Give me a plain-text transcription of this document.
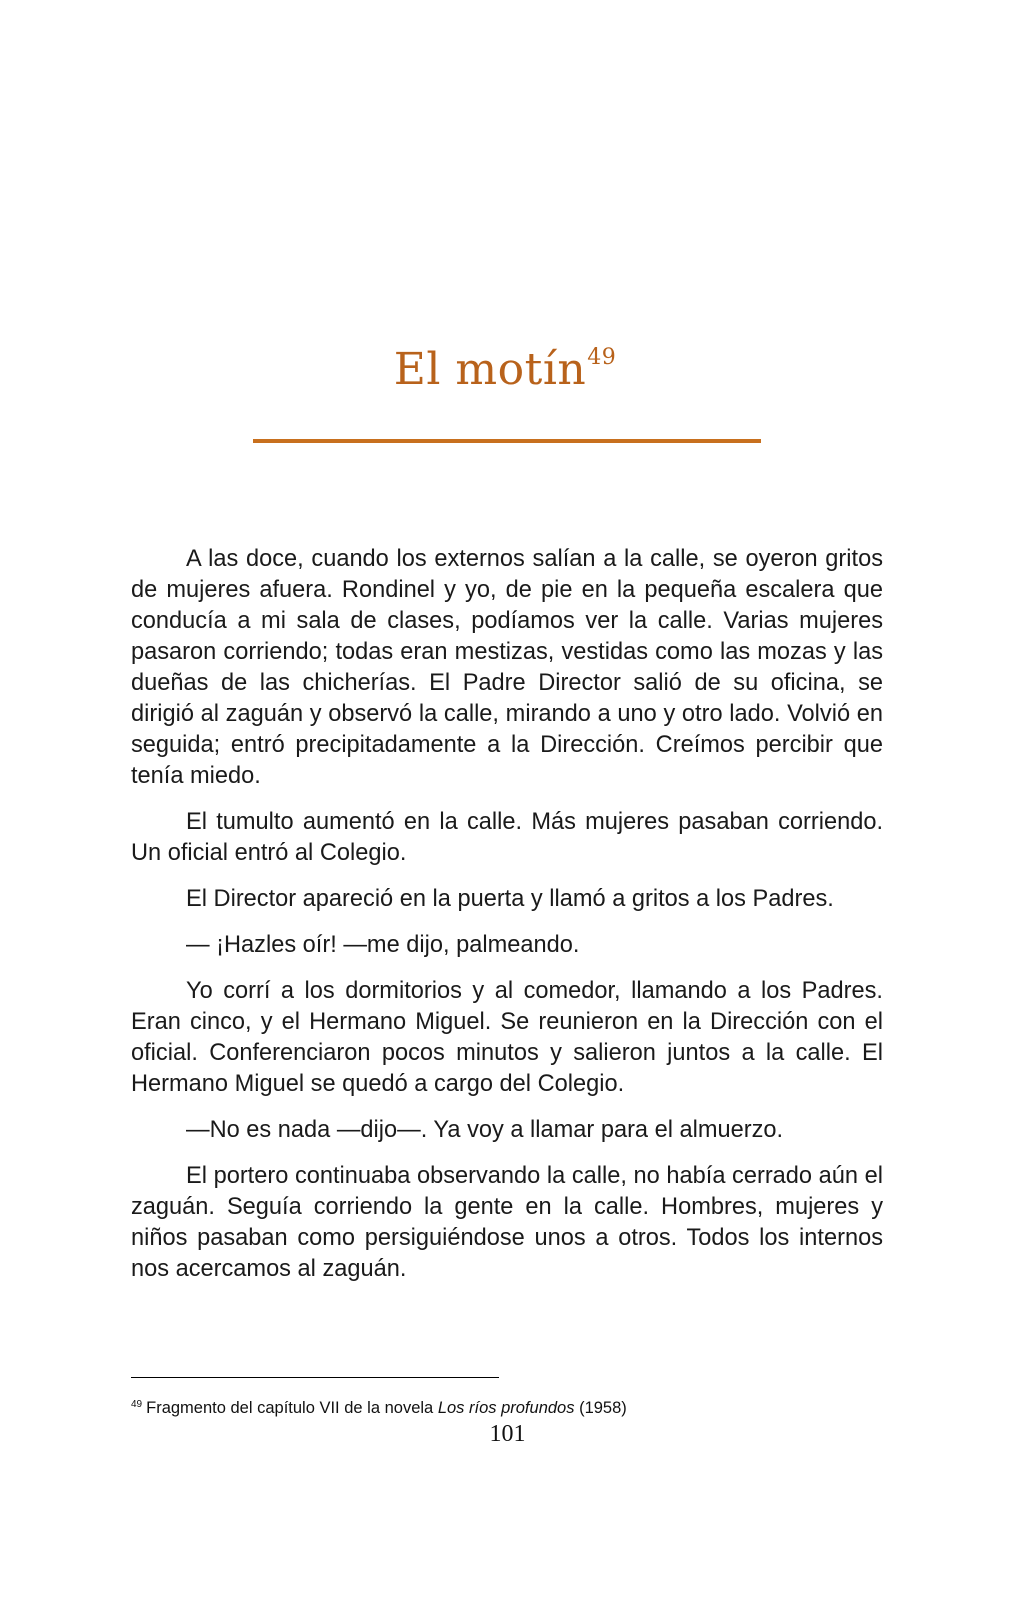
El motín$^{49}$

A las doce, cuando los externos salían a la calle, se oyeron gritos de mujeres afuera. Rondinel y yo, de pie en la pequeña escalera que conducía a mi sala de clases, podíamos ver la calle. Varias mujeres pasaron corriendo; todas eran mestizas, vestidas como las mozas y las dueñas de las chicherías. El Padre Director salió de su oficina, se dirigió al zaguán y observó la calle, mirando a uno y otro lado. Volvió en seguida; entró precipitadamente a la Dirección. Creímos percibir que tenía miedo.

El tumulto aumentó en la calle. Más mujeres pasaban corriendo. Un oficial entró al Colegio.

El Director apareció en la puerta y llamó a gritos a los Padres.

— ¡Hazles oír! —me dijo, palmeando.

Yo corrí a los dormitorios y al comedor, llamando a los Padres. Eran cinco, y el Hermano Miguel. Se reunieron en la Dirección con el oficial. Conferenciaron pocos minutos y salieron juntos a la calle. El Hermano Miguel se quedó a cargo del Colegio.

—No es nada —dijo—. Ya voy a llamar para el almuerzo.

El portero continuaba observando la calle, no había cerrado aún el zaguán. Seguía corriendo la gente en la calle. Hombres, mujeres y niños pasaban como persiguiéndose unos a otros. Todos los internos nos acercamos al zaguán.

$^{49}$ Fragmento del capítulo VII de la novela Los ríos profundos (1958)
101
